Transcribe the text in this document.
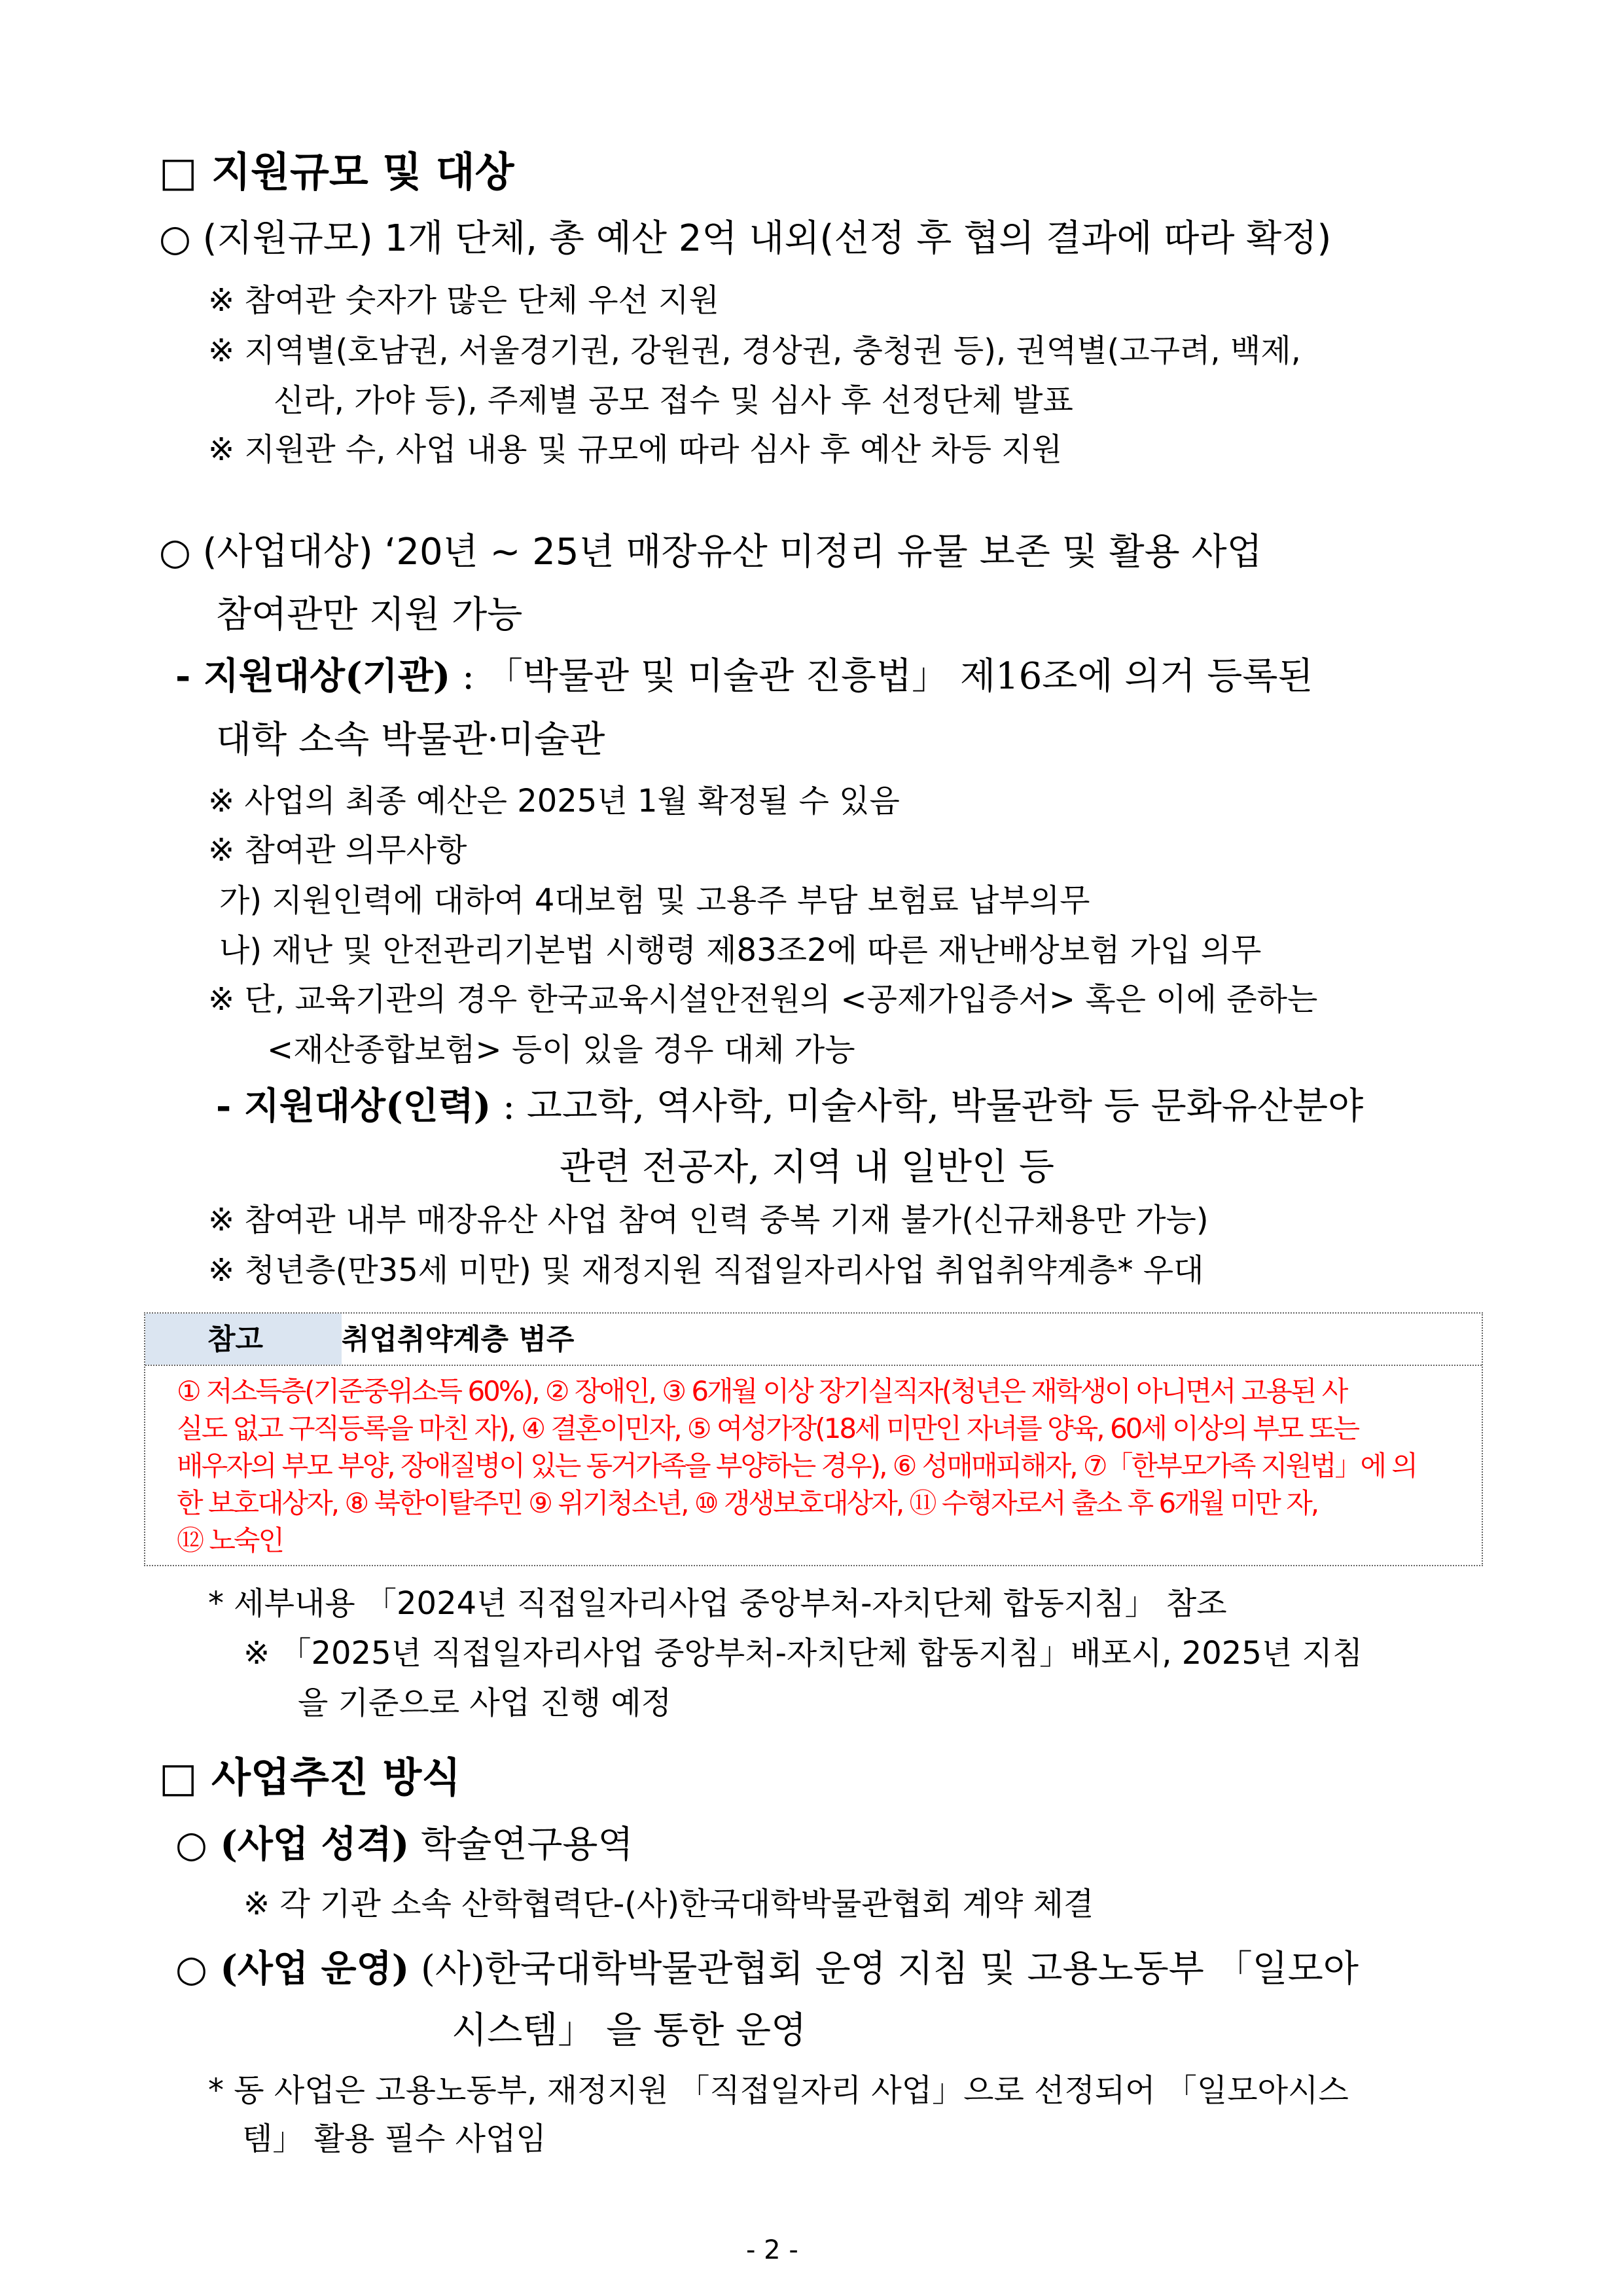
□ 지원규모 및 대상
○ (지원규모) 1개 단체, 총 예산 2억 내외(선정 후 협의 결과에 따라 확정)
※ 참여관 숫자가 많은 단체 우선 지원
※ 지역별(호남권, 서울경기권, 강원권, 경상권, 충청권 등), 권역별(고구려, 백제,
신라, 가야 등), 주제별 공모 접수 및 심사 후 선정단체 발표
※ 지원관 수, 사업 내용 및 규모에 따라 심사 후 예산 차등 지원
○ (사업대상) ‘20년 ~ 25년 매장유산 미정리 유물 보존 및 활용 사업
참여관만 지원 가능
- 지원대상(기관) : 「박물관 및 미술관 진흥법」 제16조에 의거 등록된
대학 소속 박물관·미술관
※ 사업의 최종 예산은 2025년 1월 확정될 수 있음
※ 참여관 의무사항
가) 지원인력에 대하여 4대보험 및 고용주 부담 보험료 납부의무
나) 재난 및 안전관리기본법 시행령 제83조2에 따른 재난배상보험 가입 의무
※ 단, 교육기관의 경우 한국교육시설안전원의 <공제가입증서> 혹은 이에 준하는
<재산종합보험> 등이 있을 경우 대체 가능
- 지원대상(인력) : 고고학, 역사학, 미술사학, 박물관학 등 문화유산분야
관련 전공자, 지역 내 일반인 등
※ 참여관 내부 매장유산 사업 참여 인력 중복 기재 불가(신규채용만 가능)
※ 청년층(만35세 미만) 및 재정지원 직접일자리사업 취업취약계층* 우대
참고	취업취약계층 범주
① 저소득층(기준중위소득 60%), ② 장애인, ③ 6개월 이상 장기실직자(청년은 재학생이 아니면서 고용된 사
실도 없고 구직등록을 마친 자), ④ 결혼이민자, ⑤ 여성가장(18세 미만인 자녀를 양육, 60세 이상의 부모 또는
배우자의 부모 부양, 장애질병이 있는 동거가족을 부양하는 경우), ⑥ 성매매피해자, ⑦「한부모가족 지원법」에 의
한 보호대상자, ⑧ 북한이탈주민 ⑨ 위기청소년, ⑩ 갱생보호대상자, ⑪ 수형자로서 출소 후 6개월 미만 자,
⑫ 노숙인
* 세부내용 「2024년 직접일자리사업 중앙부처-자치단체 합동지침」 참조
※ 「2025년 직접일자리사업 중앙부처-자치단체 합동지침」배포시, 2025년 지침
을 기준으로 사업 진행 예정
□ 사업추진 방식
○ (사업 성격) 학술연구용역
※ 각 기관 소속 산학협력단-(사)한국대학박물관협회 계약 체결
○ (사업 운영) (사)한국대학박물관협회 운영 지침 및 고용노동부 「일모아
시스템」 을 통한 운영
* 동 사업은 고용노동부, 재정지원 「직접일자리 사업」으로 선정되어 「일모아시스
템」 활용 필수 사업임
- 2 -
